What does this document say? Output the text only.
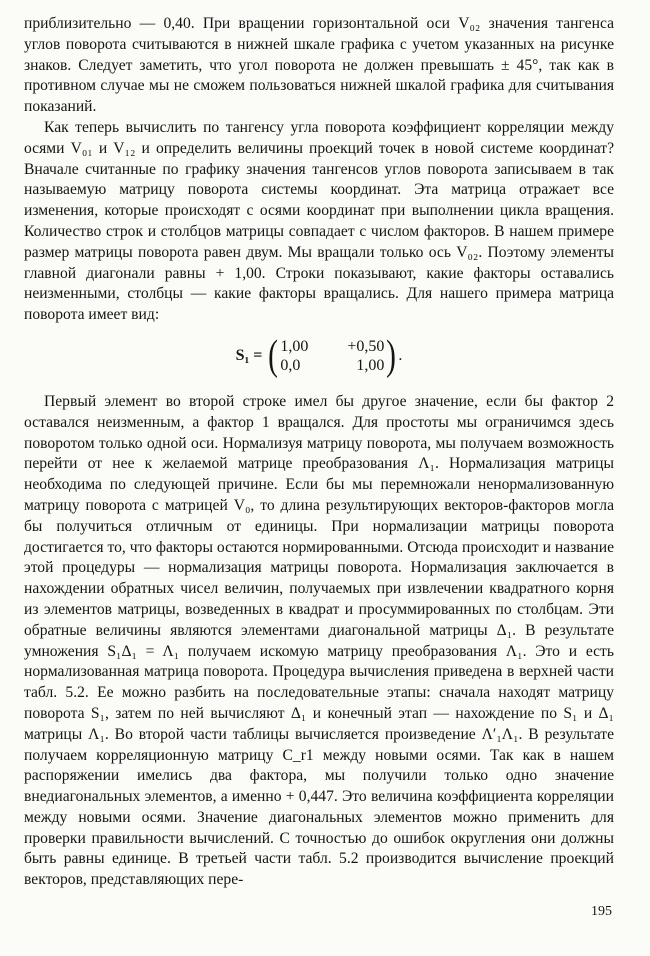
приблизительно — 0,40. При вращении горизонтальной оси V₀₂ значения тангенса углов поворота считываются в нижней шкале графика с учетом указанных на рисунке знаков. Следует заметить, что угол поворота не должен превышать ± 45°, так как в противном случае мы не сможем пользоваться нижней шкалой графика для считывания показаний.

Как теперь вычислить по тангенсу угла поворота коэффициент корреляции между осями V₀₁ и V₁₂ и определить величины проекций точек в новой системе координат? Вначале считанные по графику значения тангенсов углов поворота записываем в так называемую матрицу поворота системы координат. Эта матрица отражает все изменения, которые происходят с осями координат при выполнении цикла вращения. Количество строк и столбцов матрицы совпадает с числом факторов. В нашем примере размер матрицы поворота равен двум. Мы вращали только ось V₀₂. Поэтому элементы главной диагонали равны + 1,00. Строки показывают, какие факторы оставались неизменными, столбцы — какие факторы вращались. Для нашего примера матрица поворота имеет вид:

S₁ = ( 1,00	+0,50
0,0	1,00 ) .

Первый элемент во второй строке имел бы другое значение, если бы фактор 2 оставался неизменным, а фактор 1 вращался. Для простоты мы ограничимся здесь поворотом только одной оси. Нормализуя матрицу поворота, мы получаем возможность перейти от нее к желаемой матрице преобразования Λ₁. Нормализация матрицы необходима по следующей причине. Если бы мы перемножали ненормализованную матрицу поворота с матрицей V₀, то длина результирующих векторов-факторов могла бы получиться отличным от единицы. При нормализации матрицы поворота достигается то, что факторы остаются нормированными. Отсюда происходит и название этой процедуры — нормализация матрицы поворота. Нормализация заключается в нахождении обратных чисел величин, получаемых при извлечении квадратного корня из элементов матрицы, возведенных в квадрат и просуммированных по столбцам. Эти обратные величины являются элементами диагональной матрицы Δ₁. В результате умножения S₁Δ₁ = Λ₁ получаем искомую матрицу преобразования Λ₁. Это и есть нормализованная матрица поворота. Процедура вычисления приведена в верхней части табл. 5.2. Ее можно разбить на последовательные этапы: сначала находят матрицу поворота S₁, затем по ней вычисляют Δ₁ и конечный этап — нахождение по S₁ и Δ₁ матрицы Λ₁. Во второй части таблицы вычисляется произведение Λ′₁Λ₁. В результате получаем корреляционную матрицу C_r1 между новыми осями. Так как в нашем распоряжении имелись два фактора, мы получили только одно значение внедиагональных элементов, а именно + 0,447. Это величина коэффициента корреляции между новыми осями. Значение диагональных элементов можно применить для проверки правильности вычислений. С точностью до ошибок округления они должны быть равны единице. В третьей части табл. 5.2 производится вычисление проекций векторов, представляющих пере-

195
